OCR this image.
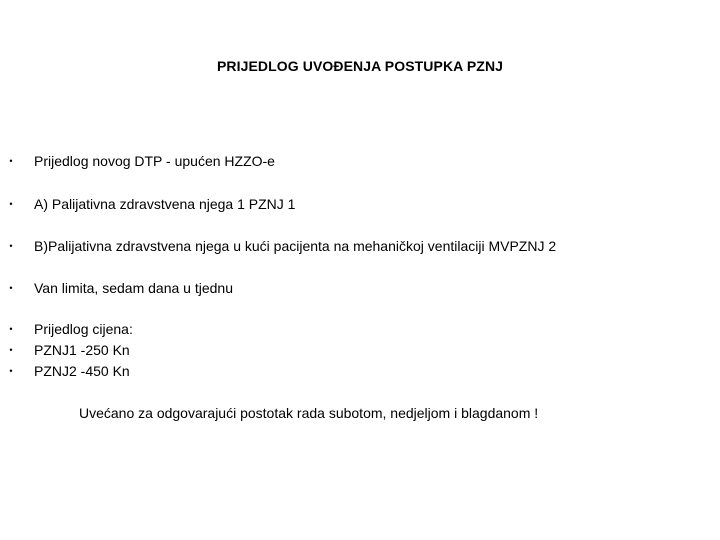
PRIJEDLOG UVOĐENJA POSTUPKA PZNJ
• Prijedlog novog DTP - upućen HZZO-e
• A) Palijativna zdravstvena njega 1 PZNJ 1
• B)Palijativna zdravstvena njega u kući pacijenta na mehaničkoj ventilaciji MVPZNJ 2
• Van limita, sedam dana u tjednu
• Prijedlog cijena:
• PZNJ1 -250 Kn
• PZNJ2 -450 Kn
Uvećano za odgovarajući postotak rada subotom, nedjeljom i blagdanom !
